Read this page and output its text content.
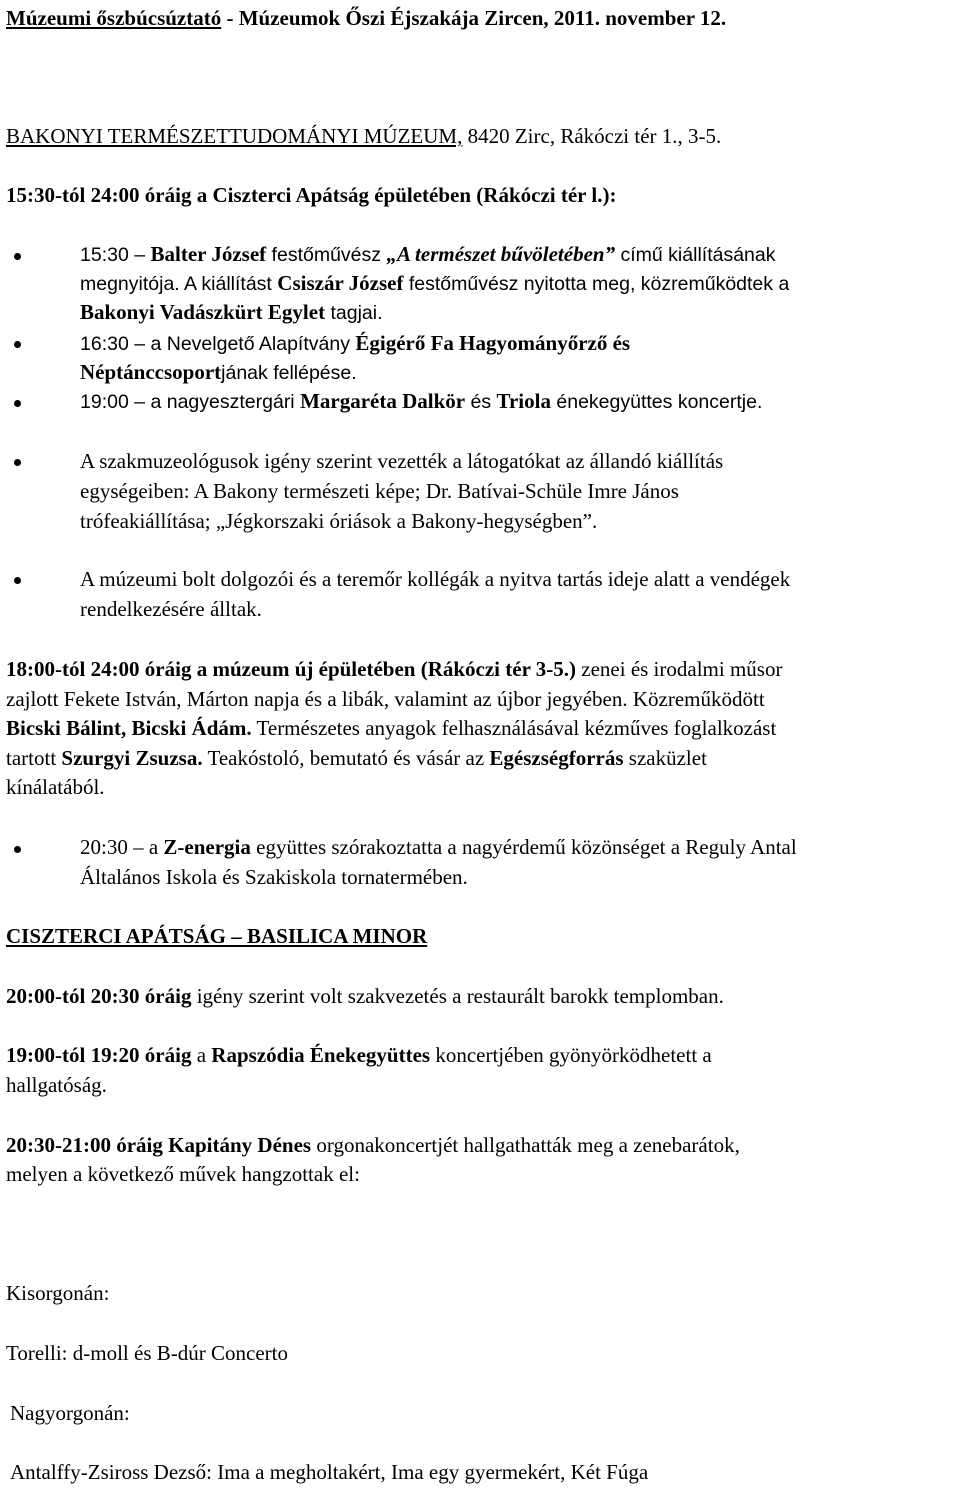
Múzeumi őszbúcsúztató - Múzeumok Őszi Éjszakája Zircen, 2011. november 12.
BAKONYI TERMÉSZETTUDOMÁNYI MÚZEUM, 8420 Zirc, Rákóczi tér 1., 3-5.
15:30-tól 24:00 óráig a Ciszterci Apátság épületében (Rákóczi tér l.):
15:30 – Balter József festőművész „A természet bűvöletében” című kiállításának
megnyitója. A kiállítást Csiszár József festőművész nyitotta meg, közreműködtek a
Bakonyi Vadászkürt Egylet tagjai.
16:30 – a Nevelgető Alapítvány Égigérő Fa Hagyományőrző és
Néptánccsoportjának fellépése.
19:00 – a nagyesztergári Margaréta Dalkör és Triola énekegyüttes koncertje.
A szakmuzeológusok igény szerint vezették a látogatókat az állandó kiállítás
egységeiben: A Bakony természeti képe; Dr. Batívai-Schüle Imre János
trófeakiállítása; „Jégkorszaki óriások a Bakony-hegységben”.
A múzeumi bolt dolgozói és a teremőr kollégák a nyitva tartás ideje alatt a vendégek
rendelkezésére álltak.
18:00-tól 24:00 óráig a múzeum új épületében (Rákóczi tér 3-5.) zenei és irodalmi műsor
zajlott Fekete István, Márton napja és a libák, valamint az újbor jegyében. Közreműködött
Bicski Bálint, Bicski Ádám. Természetes anyagok felhasználásával kézműves foglalkozást
tartott Szurgyi Zsuzsa. Teakóstoló, bemutató és vásár az Egészségforrás szaküzlet
kínálatából.
20:30 – a Z-energia együttes szórakoztatta a nagyérdemű közönséget a Reguly Antal
Általános Iskola és Szakiskola tornatermében.
CISZTERCI APÁTSÁG – BASILICA MINOR
20:00-tól 20:30 óráig igény szerint volt szakvezetés a restaurált barokk templomban.
19:00-tól 19:20 óráig a Rapszódia Énekegyüttes koncertjében gyönyörködhetett a
hallgatóság.
20:30-21:00 óráig Kapitány Dénes orgonakoncertjét hallgathatták meg a zenebarátok,
melyen a következő művek hangzottak el:
Kisorgonán:
Torelli: d-moll és B-dúr Concerto
Nagyorgonán:
Antalffy-Zsiross Dezső: Ima a megholtakért, Ima egy gyermekért, Két Fúga
